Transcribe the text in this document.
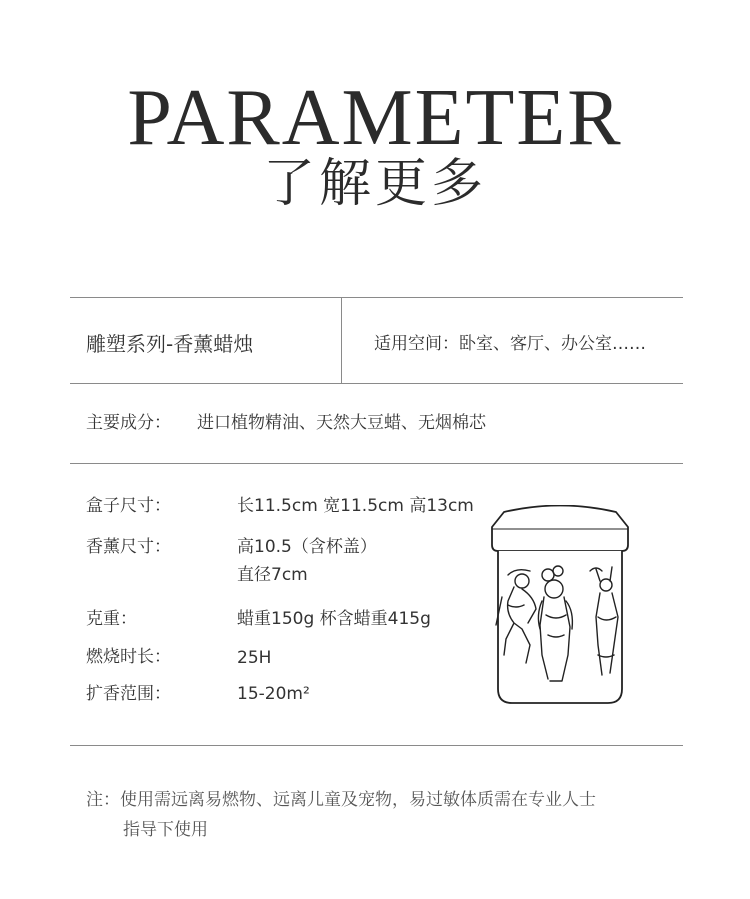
PARAMETER
了解更多
雕塑系列-香薰蜡烛	适用空间：卧室、客厅、办公室……
主要成分： 进口植物精油、天然大豆蜡、无烟棉芯
盒子尺寸：	长11.5cm 宽11.5cm 高13cm
香薰尺寸：	高10.5（含杯盖）
直径7cm
克重：	蜡重150g 杯含蜡重415g
燃烧时长：	25H
扩香范围：	15-20m²
注：使用需远离易燃物、远离儿童及宠物，易过敏体质需在专业人士
指导下使用
